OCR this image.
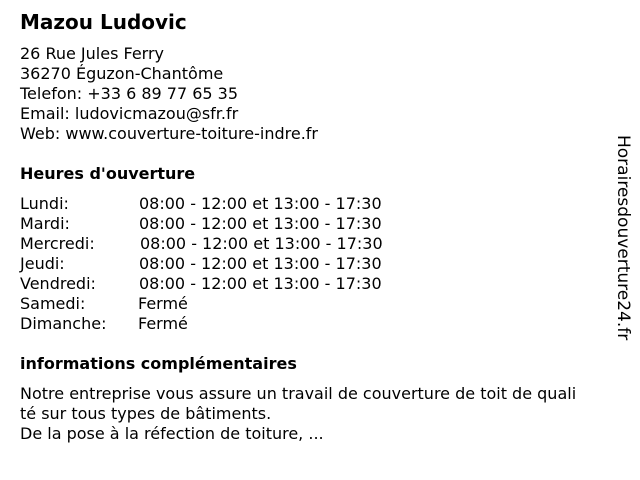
Mazou Ludovic
26 Rue Jules Ferry
36270 Éguzon-Chantôme
Telefon: +33 6 89 77 65 35
Email: ludovicmazou@sfr.fr
Web: www.couverture-toiture-indre.fr
Heures d'ouverture
Lundi:	08:00 - 12:00 et 13:00 - 17:30
Mardi:	08:00 - 12:00 et 13:00 - 17:30
Mercredi:	08:00 - 12:00 et 13:00 - 17:30
Jeudi:	08:00 - 12:00 et 13:00 - 17:30
Vendredi:	08:00 - 12:00 et 13:00 - 17:30
Samedi:	Fermé
Dimanche: Fermé
informations complémentaires
Notre entreprise vous assure un travail de couverture de toit de quali
té sur tous types de bâtiments.
De la pose à la réfection de toiture, ...
Horairesdouverture24.fr
